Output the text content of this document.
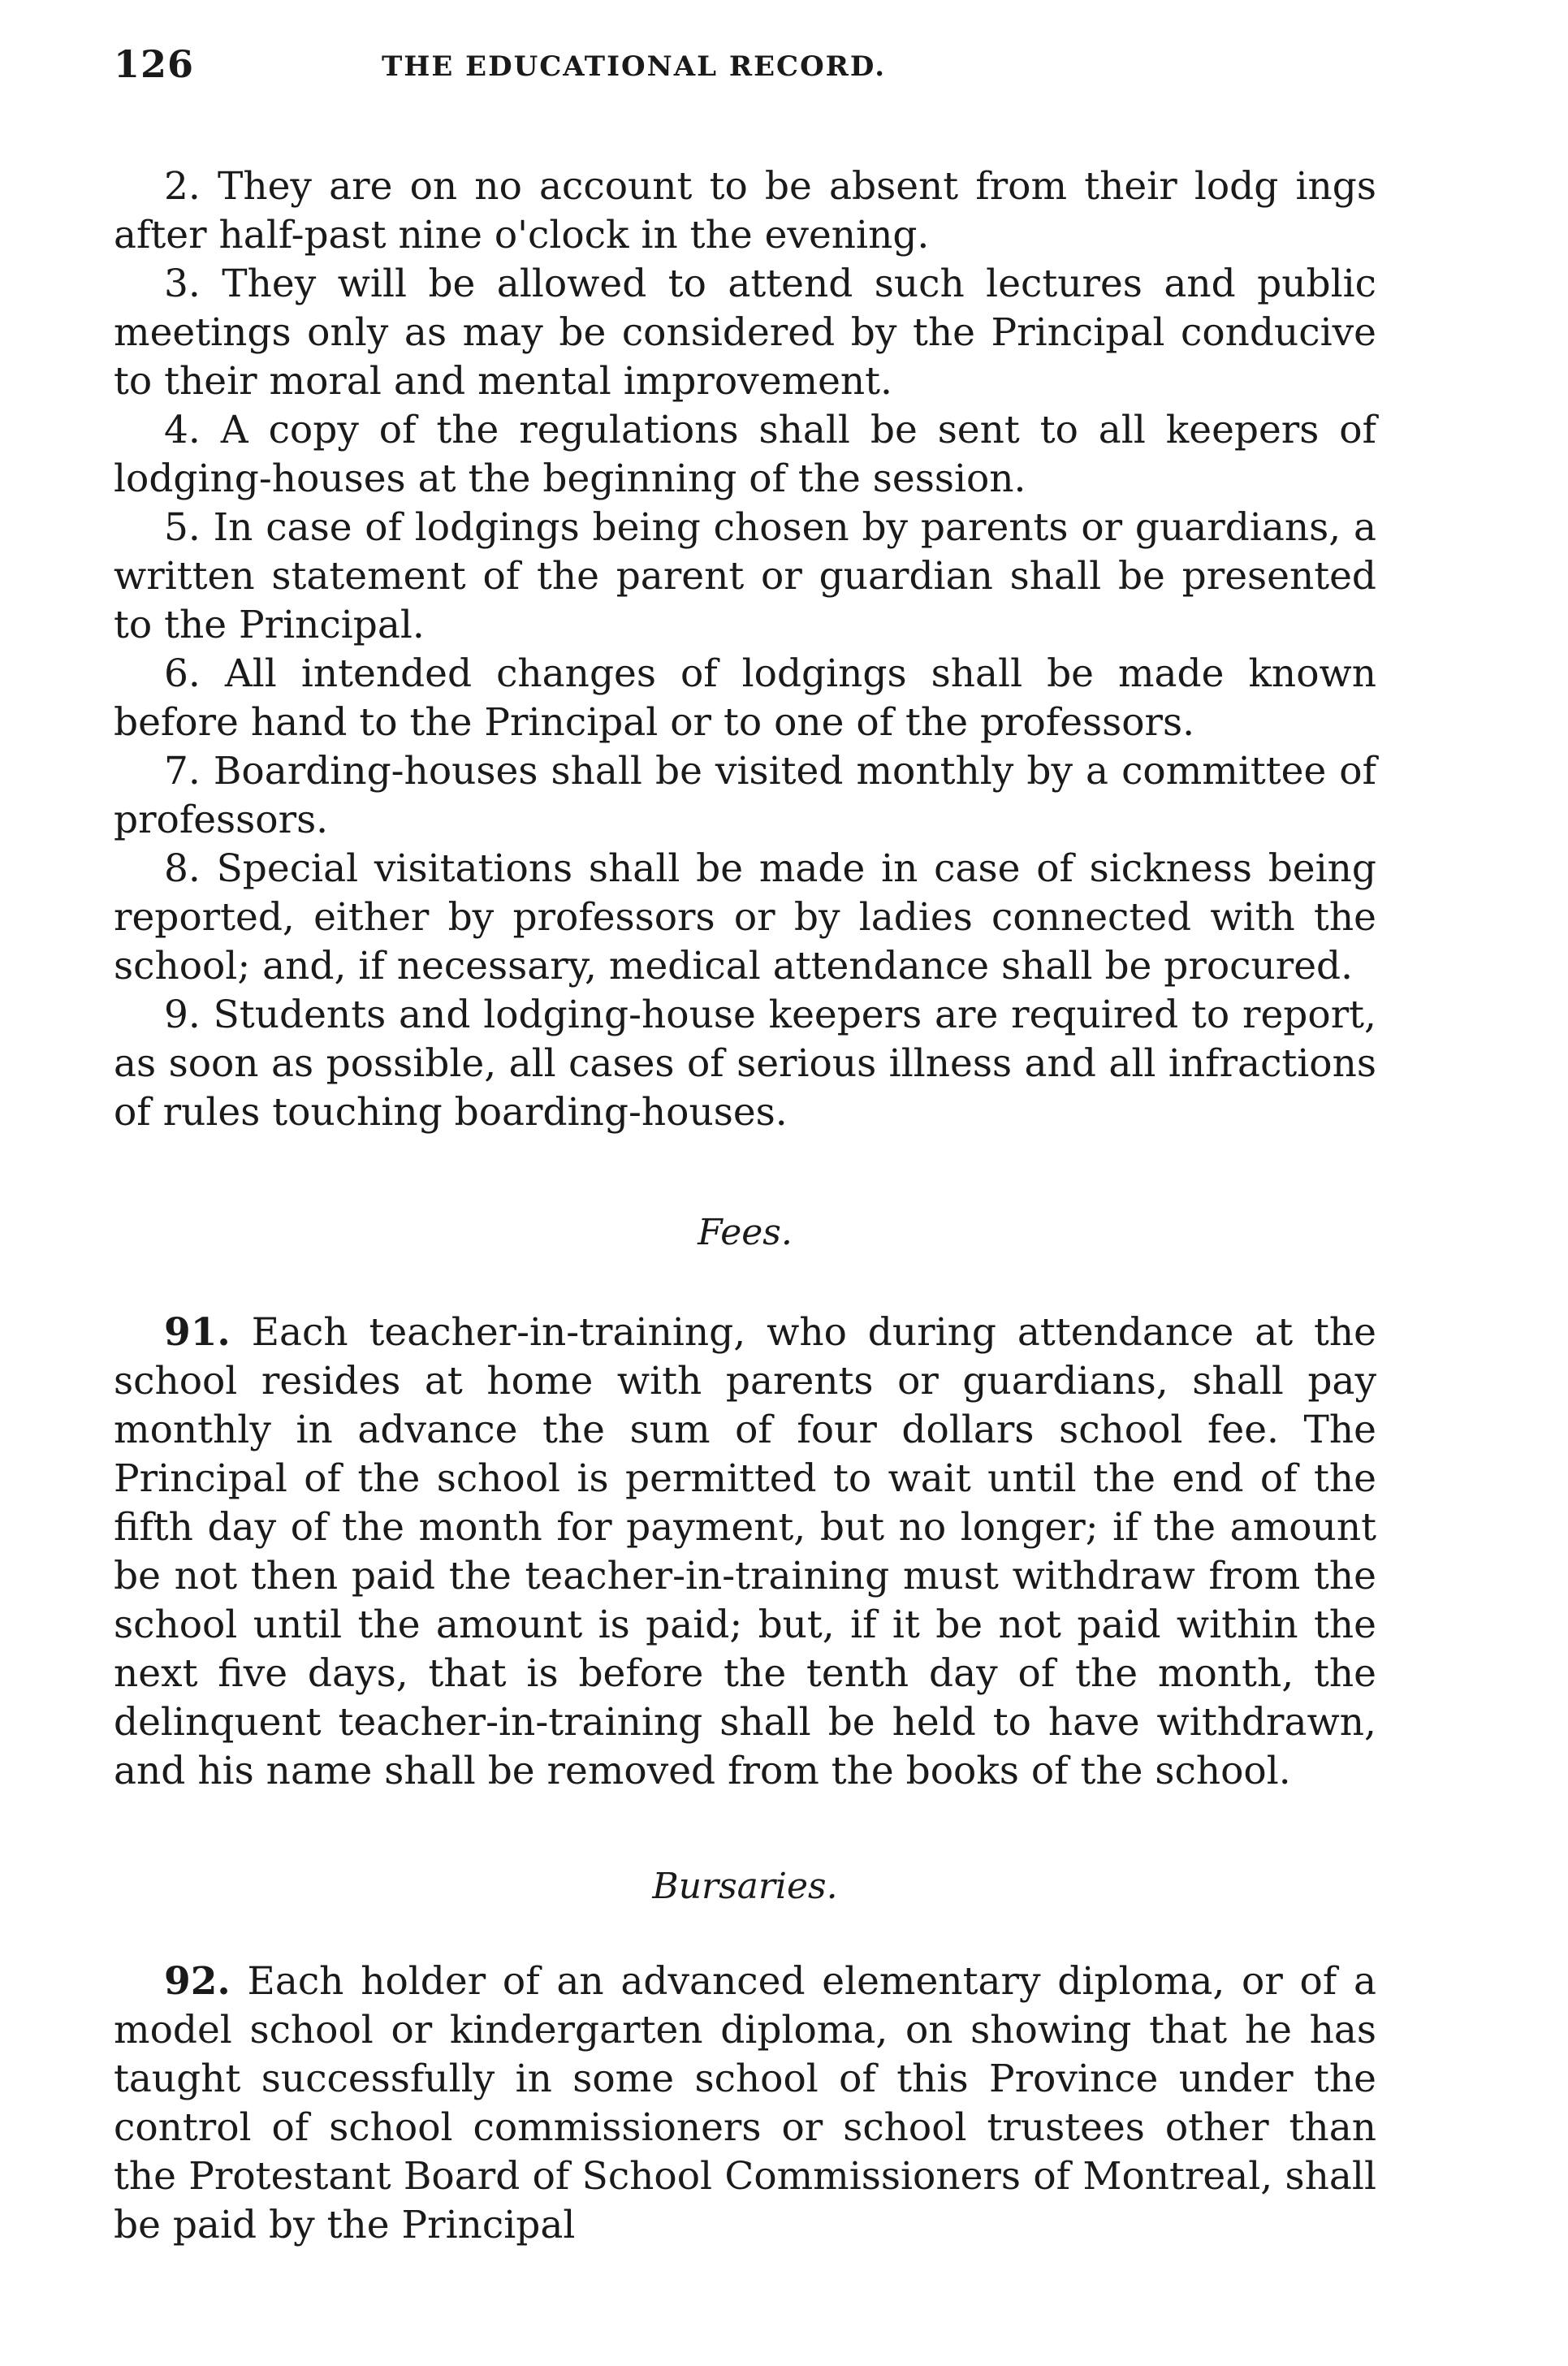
126	THE EDUCATIONAL RECORD.

2. They are on no account to be absent from their lodg ings after half-past nine o'clock in the evening.

3. They will be allowed to attend such lectures and public meetings only as may be considered by the Principal conducive to their moral and mental improvement.

4. A copy of the regulations shall be sent to all keepers of lodging-houses at the beginning of the session.

5. In case of lodgings being chosen by parents or guardians, a written statement of the parent or guardian shall be presented to the Principal.

6. All intended changes of lodgings shall be made known before hand to the Principal or to one of the professors.

7. Boarding-houses shall be visited monthly by a committee of professors.

8. Special visitations shall be made in case of sickness being reported, either by professors or by ladies connected with the school; and, if necessary, medical attendance shall be procured.

9. Students and lodging-house keepers are required to report, as soon as possible, all cases of serious illness and all infractions of rules touching boarding-houses.

Fees.

91. Each teacher-in-training, who during attendance at the school resides at home with parents or guardians, shall pay monthly in advance the sum of four dollars school fee. The Principal of the school is permitted to wait until the end of the fifth day of the month for payment, but no longer; if the amount be not then paid the teacher-in-training must withdraw from the school until the amount is paid; but, if it be not paid within the next five days, that is before the tenth day of the month, the delinquent teacher-in-training shall be held to have withdrawn, and his name shall be removed from the books of the school.

Bursaries.

92. Each holder of an advanced elementary diploma, or of a model school or kindergarten diploma, on showing that he has taught successfully in some school of this Province under the control of school commissioners or school trustees other than the Protestant Board of School Commissioners of Montreal, shall be paid by the Principal
